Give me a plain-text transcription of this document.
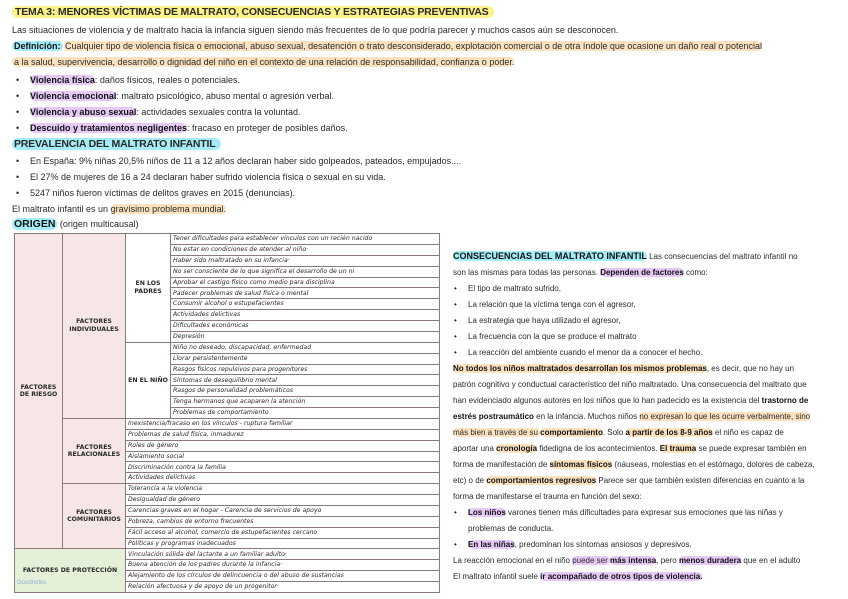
TEMA 3: MENORES VÍCTIMAS DE MALTRATO, CONSECUENCIAS Y ESTRATEGIAS PREVENTIVAS
Las situaciones de violencia y de maltrato hacia la infancia siguen siendo más frecuentes de lo que podría parecer y muchos casos aún se desconocen.
Definición: Cualquier tipo de violencia física o emocional, abuso sexual, desatención o trato desconsiderado, explotación comercial o de otra índole que ocasione un daño real o potencial
a la salud, supervivencia, desarrollo o dignidad del niño en el contexto de una relación de responsabilidad, confianza o poder.
• Violencia física: daños físicos, reales o potenciales.
• Violencia emocional: maltrato psicológico, abuso mental o agresión verbal.
• Violencia y abuso sexual: actividades sexuales contra la voluntad.
• Descuido y tratamientos negligentes: fracaso en proteger de posibles daños.
PREVALENCIA DEL MALTRATO INFANTIL
• En España: 9% niñas 20,5% niños de 11 a 12 años declaran haber sido golpeados, pateados, empujados....
• El 27% de mujeres de 16 a 24 declaran haber sufrido violencia física o sexual en su vida.
• 5247 niños fueron víctimas de delitos graves en 2015 (denuncias).
El maltrato infantil es un gravísimo problema mundial.
ORIGEN (origen multicausal)
FACTORES DE RIESGO	FACTORES INDIVIDUALES	EN LOS PADRES	Tener dificultades para establecer vínculos con un recién nacido
			No estar en condiciones de atender al niño·
			Haber sido maltratado en su infancia·
			No ser consciente de lo que significa el desarrollo de un ni
			Aprobar el castigo físico como medio para disciplina
			Padecer problemas de salud física o mental
			Consumir alcohol o estupefacientes
			Actividades delictivas
			Dificultades económicas
			Depresión
		EN EL NIÑO	Niño no deseado, discapacidad, enfermedad
			Llorar persistentemente
			Rasgos físicos repulsivos para progenitores
			Síntomas de desequilibrio mental
			Rasgos de personalidad problemáticos
			Tenga hermanos que acaparen la atención
			Problemas de comportamiento
	FACTORES RELACIONALES	Inexistencia/fracaso en los vínculos - ruptura familiar	
		Problemas de salud física, inmadurez	
		Roles de género	
		Aislamiento social	
		Discriminación contra la familia	
		Actividades delictivas	
	FACTORES COMUNITARIOS	Tolerancia a la violencia	
		Desigualdad de género	
		Carencias graves en el hogar - Carencia de servicios de apoyo	
		Pobreza, cambios de entorno frecuentes	
		Fácil acceso al alcohol, comercio de estupefacientes cercano	
		Políticas y programas inadecuados	
FACTORES DE PROTECCIÓN		Vinculación sólida del lactante a un familiar adulto·	
		Buena atención de los padres durante la infancia·	
		Alejamiento de los círculos de delincuencia o del abuso de sustancias	
		Relación afectuosa y de apoyo de un progenitor·	
Goodnotes
CONSECUENCIAS DEL MALTRATO INFANTIL Las consecuencias del maltrato infantil no
son las mismas para todas las personas. Dependen de factores como:
• El tipo de maltrato sufrido,
• La relación que la víctima tenga con el agresor,
• La estrategia que haya utilizado el agresor,
• La frecuencia con la que se produce el maltrato
• La reacción del ambiente cuando el menor da a conocer el hecho.
No todos los niños maltratados desarrollan los mismos problemas, es decir, que no hay un
patrón cognitivo y conductual característico del niño maltratado. Una consecuencia del maltrato que
han evidenciado algunos autores en los niños que lo han padecido es la existencia del trastorno de
estrés postraumático en la infancia. Muchos niños no expresan lo que les ocurre verbalmente, sino
más bien a través de su comportamiento. Solo a partir de los 8-9 años el niño es capaz de
aportar una cronología fidedigna de los acontecimientos. El trauma se puede expresar también en
forma de manifestación de síntomas físicos (náuseas, molestias en el estómago, dolores de cabeza,
etc) o de comportamientos regresivos Parece ser que también existen diferencias en cuanto a la
forma de manifestarse el trauma en función del sexo:
• Los niños varones tienen más dificultades para expresar sus emociones que las niñas y
problemas de conducta.
• En las niñas, predominan los síntomas ansiosos y depresivos.
La reacción emocional en el niño puede ser más intensa, pero menos duradera que en el adulto
El maltrato infantil suele ir acompañado de otros tipos de violencia.
